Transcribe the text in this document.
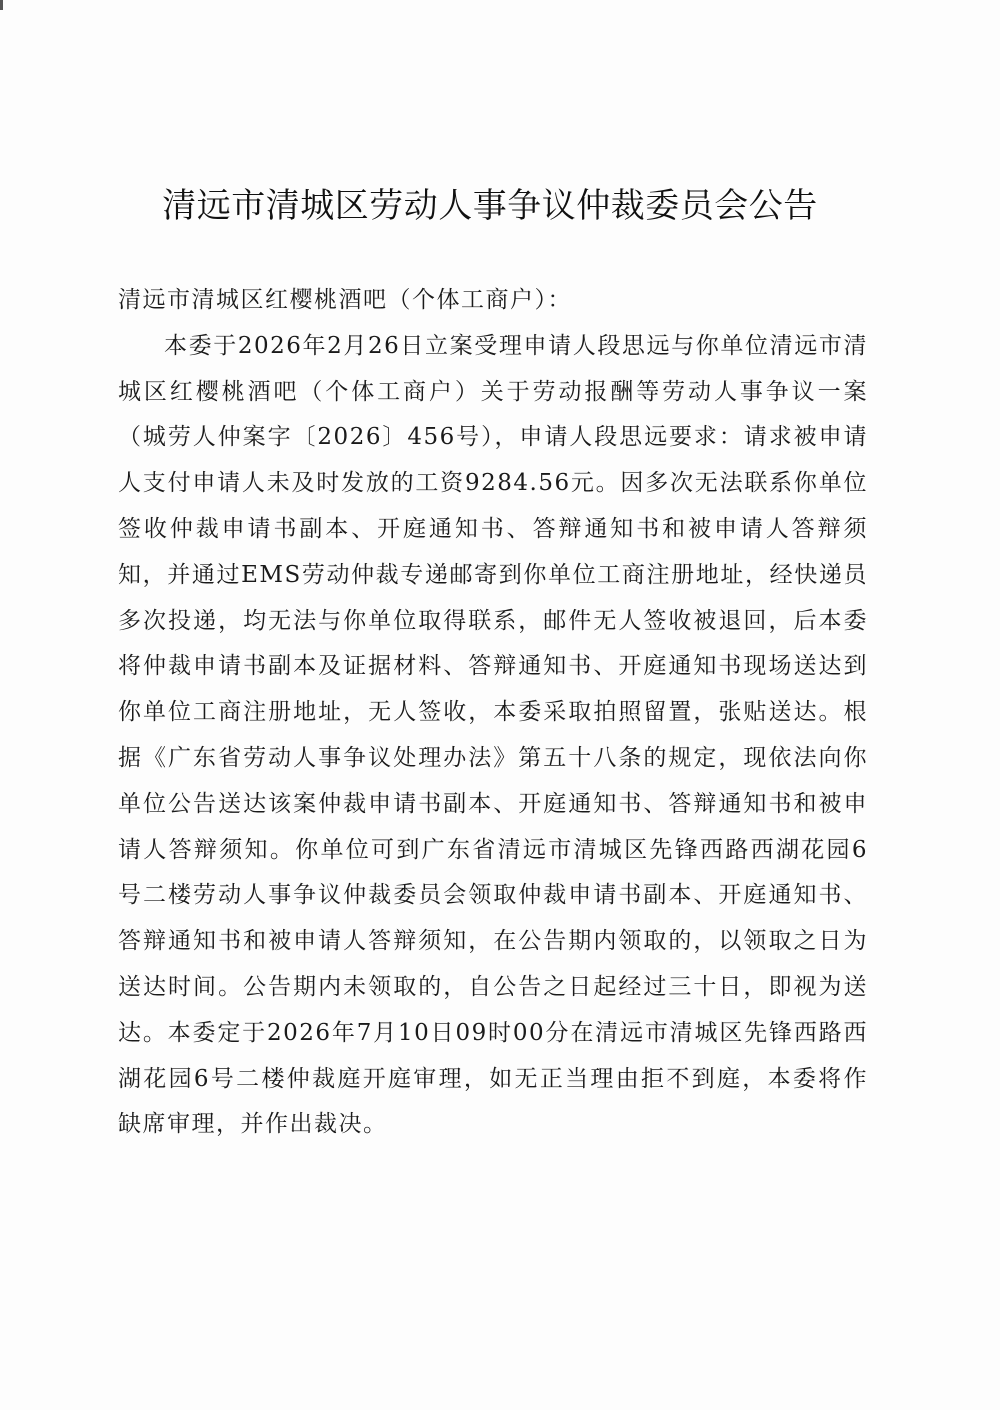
清远市清城区劳动人事争议仲裁委员会公告

清远市清城区红樱桃酒吧（个体工商户）：

本委于2026年2月26日立案受理申请人段思远与你单位清远市清城区红樱桃酒吧（个体工商户）关于劳动报酬等劳动人事争议一案（城劳人仲案字〔2026〕456号），申请人段思远要求：请求被申请人支付申请人未及时发放的工资9284.56元。因多次无法联系你单位签收仲裁申请书副本、开庭通知书、答辩通知书和被申请人答辩须知，并通过EMS劳动仲裁专递邮寄到你单位工商注册地址，经快递员多次投递，均无法与你单位取得联系，邮件无人签收被退回，后本委将仲裁申请书副本及证据材料、答辩通知书、开庭通知书现场送达到你单位工商注册地址，无人签收，本委采取拍照留置，张贴送达。根据《广东省劳动人事争议处理办法》第五十八条的规定，现依法向你单位公告送达该案仲裁申请书副本、开庭通知书、答辩通知书和被申请人答辩须知。你单位可到广东省清远市清城区先锋西路西湖花园6号二楼劳动人事争议仲裁委员会领取仲裁申请书副本、开庭通知书、答辩通知书和被申请人答辩须知，在公告期内领取的，以领取之日为送达时间。公告期内未领取的，自公告之日起经过三十日，即视为送达。本委定于2026年7月10日09时00分在清远市清城区先锋西路西湖花园6号二楼仲裁庭开庭审理，如无正当理由拒不到庭，本委将作缺席审理，并作出裁决。
